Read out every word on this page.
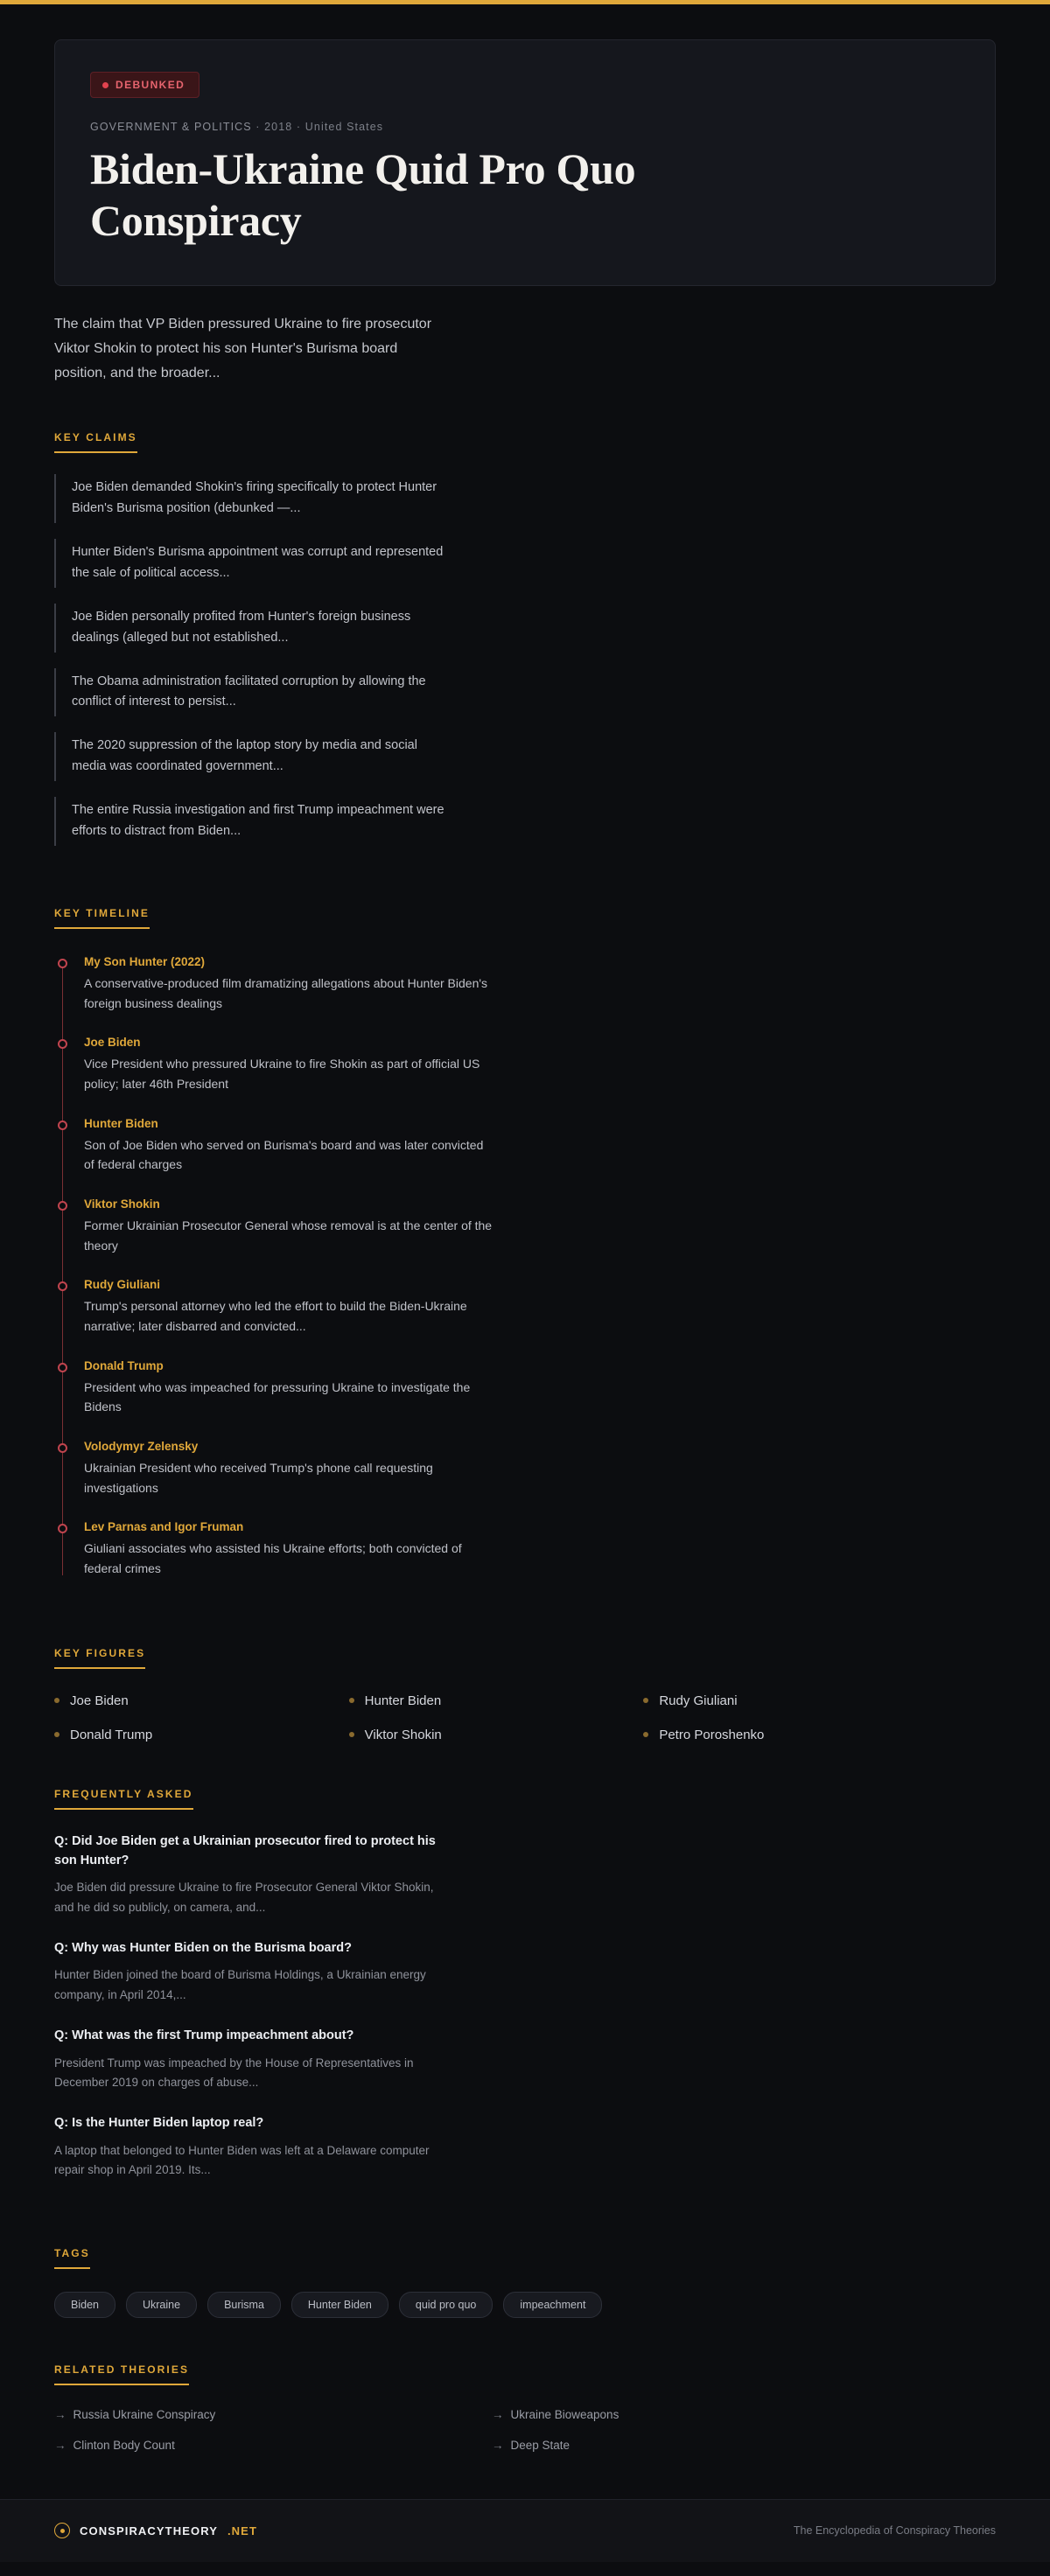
DEBUNKED
GOVERNMENT & POLITICS · 2018 · United States
Biden-Ukraine Quid Pro Quo Conspiracy
The claim that VP Biden pressured Ukraine to fire prosecutor Viktor Shokin to protect his son Hunter's Burisma board position, and the broader...
KEY CLAIMS
Joe Biden demanded Shokin's firing specifically to protect Hunter Biden's Burisma position (debunked —...
Hunter Biden's Burisma appointment was corrupt and represented the sale of political access...
Joe Biden personally profited from Hunter's foreign business dealings (alleged but not established...
The Obama administration facilitated corruption by allowing the conflict of interest to persist...
The 2020 suppression of the laptop story by media and social media was coordinated government...
The entire Russia investigation and first Trump impeachment were efforts to distract from Biden...
KEY TIMELINE
My Son Hunter (2022)
A conservative-produced film dramatizing allegations about Hunter Biden's foreign business dealings
Joe Biden
Vice President who pressured Ukraine to fire Shokin as part of official US policy; later 46th President
Hunter Biden
Son of Joe Biden who served on Burisma's board and was later convicted of federal charges
Viktor Shokin
Former Ukrainian Prosecutor General whose removal is at the center of the theory
Rudy Giuliani
Trump's personal attorney who led the effort to build the Biden-Ukraine narrative; later disbarred and convicted...
Donald Trump
President who was impeached for pressuring Ukraine to investigate the Bidens
Volodymyr Zelensky
Ukrainian President who received Trump's phone call requesting investigations
Lev Parnas and Igor Fruman
Giuliani associates who assisted his Ukraine efforts; both convicted of federal crimes
KEY FIGURES
Joe Biden	Hunter Biden	Rudy Giuliani
Donald Trump	Viktor Shokin	Petro Poroshenko
FREQUENTLY ASKED
Q: Did Joe Biden get a Ukrainian prosecutor fired to protect his son Hunter?
Joe Biden did pressure Ukraine to fire Prosecutor General Viktor Shokin, and he did so publicly, on camera, and...
Q: Why was Hunter Biden on the Burisma board?
Hunter Biden joined the board of Burisma Holdings, a Ukrainian energy company, in April 2014,...
Q: What was the first Trump impeachment about?
President Trump was impeached by the House of Representatives in December 2019 on charges of abuse...
Q: Is the Hunter Biden laptop real?
A laptop that belonged to Hunter Biden was left at a Delaware computer repair shop in April 2019. Its...
TAGS
Biden	Ukraine	Burisma	Hunter Biden	quid pro quo	impeachment
RELATED THEORIES
→ Russia Ukraine Conspiracy	→ Ukraine Bioweapons
→ Clinton Body Count	→ Deep State
CONSPIRACYTHEORY .NET	The Encyclopedia of Conspiracy Theories
